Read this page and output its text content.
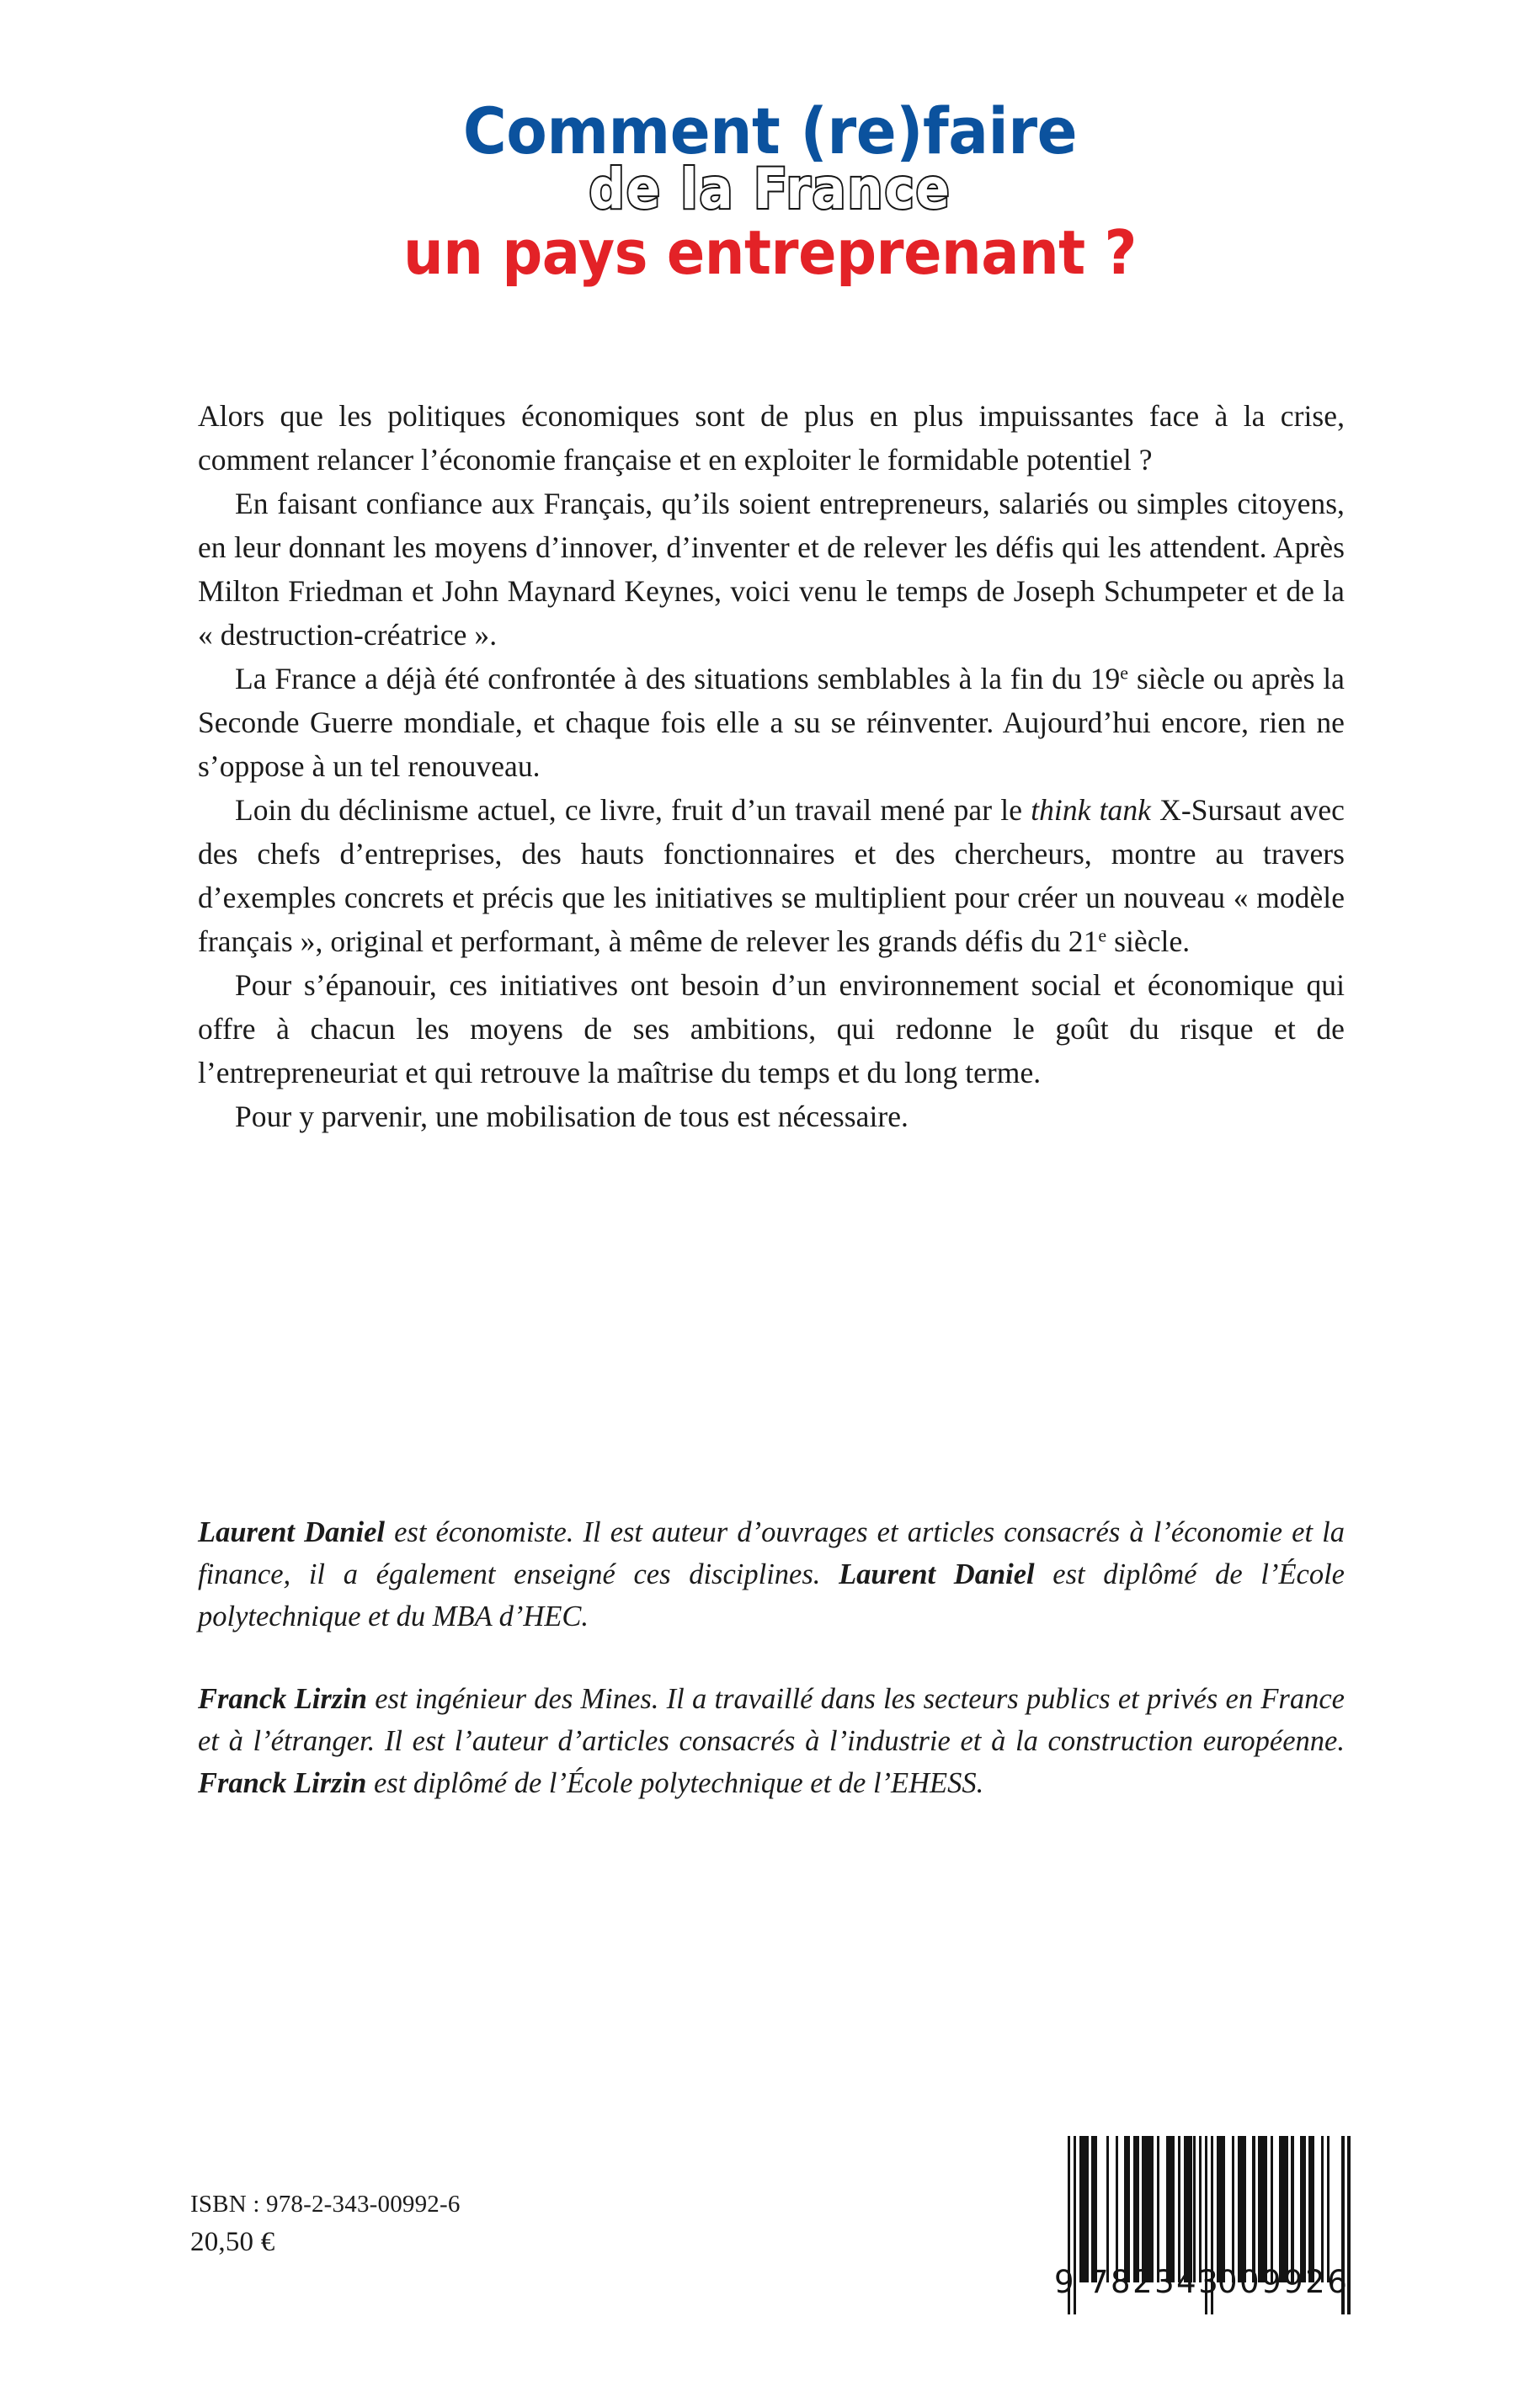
Comment (re)faire
de la France
un pays entreprenant ?

Alors que les politiques économiques sont de plus en plus impuissantes face à la crise, comment relancer l’économie française et en exploiter le formidable potentiel ?

En faisant confiance aux Français, qu’ils soient entrepreneurs, salariés ou simples citoyens, en leur donnant les moyens d’innover, d’inventer et de relever les défis qui les attendent. Après Milton Friedman et John Maynard Keynes, voici venu le temps de Joseph Schumpeter et de la « destruction-créatrice ».

La France a déjà été confrontée à des situations semblables à la fin du 19e siècle ou après la Seconde Guerre mondiale, et chaque fois elle a su se réinventer. Aujourd’hui encore, rien ne s’oppose à un tel renouveau.

Loin du déclinisme actuel, ce livre, fruit d’un travail mené par le think tank X-Sursaut avec des chefs d’entreprises, des hauts fonctionnaires et des chercheurs, montre au travers d’exemples concrets et précis que les initiatives se multiplient pour créer un nouveau « modèle français », original et performant, à même de relever les grands défis du 21e siècle.

Pour s’épanouir, ces initiatives ont besoin d’un environnement social et économique qui offre à chacun les moyens de ses ambitions, qui redonne le goût du risque et de l’entrepreneuriat et qui retrouve la maîtrise du temps et du long terme.

Pour y parvenir, une mobilisation de tous est nécessaire.

Laurent Daniel est économiste. Il est auteur d’ouvrages et articles consacrés à l’économie et la finance, il a également enseigné ces disciplines. Laurent Daniel est diplômé de l’École polytechnique et du MBA d’HEC.

Franck Lirzin est ingénieur des Mines. Il a travaillé dans les secteurs publics et privés en France et à l’étranger. Il est l’auteur d’articles consacrés à l’industrie et à la construction européenne. Franck Lirzin est diplômé de l’École polytechnique et de l’EHESS.

ISBN : 978-2-343-00992-6
20,50 €
9 782343
009926
